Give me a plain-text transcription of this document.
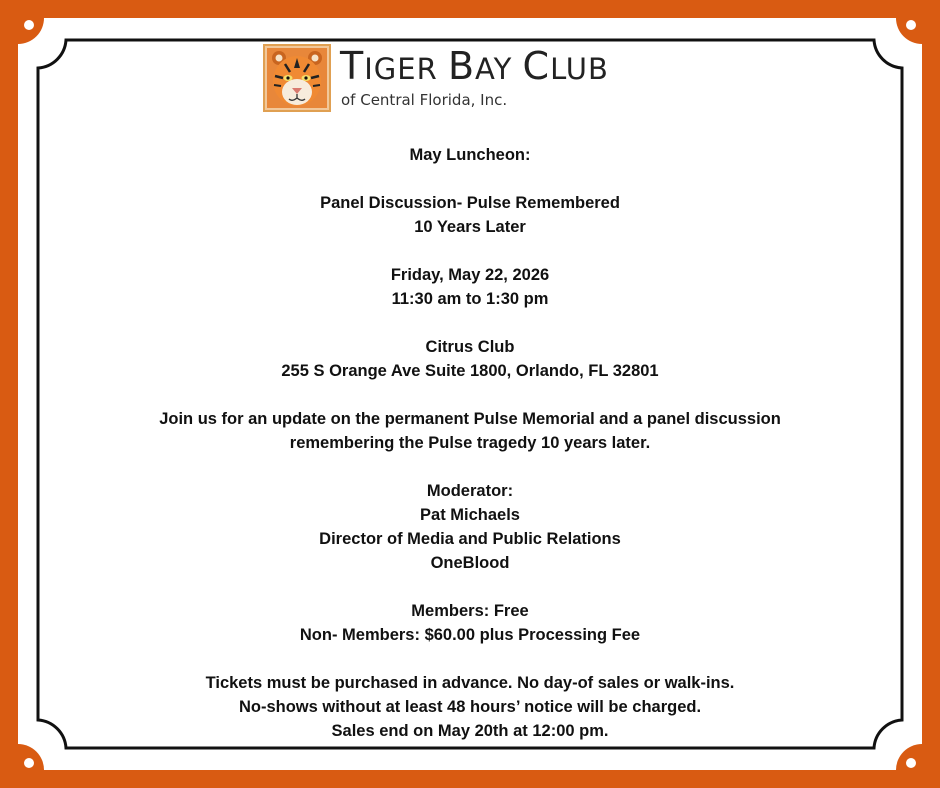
TIGER BAY CLUB
of Central Florida, Inc.
May Luncheon:
Panel Discussion- Pulse Remembered
10 Years Later
Friday, May 22, 2026
11:30 am to 1:30 pm
Citrus Club
255 S Orange Ave Suite 1800, Orlando, FL 32801
Join us for an update on the permanent Pulse Memorial and a panel discussion
remembering the Pulse tragedy 10 years later.
Moderator:
Pat Michaels
Director of Media and Public Relations
OneBlood
Members: Free
Non- Members: $60.00 plus Processing Fee
Tickets must be purchased in advance. No day-of sales or walk-ins.
No-shows without at least 48 hours’ notice will be charged.
Sales end on May 20th at 12:00 pm.
